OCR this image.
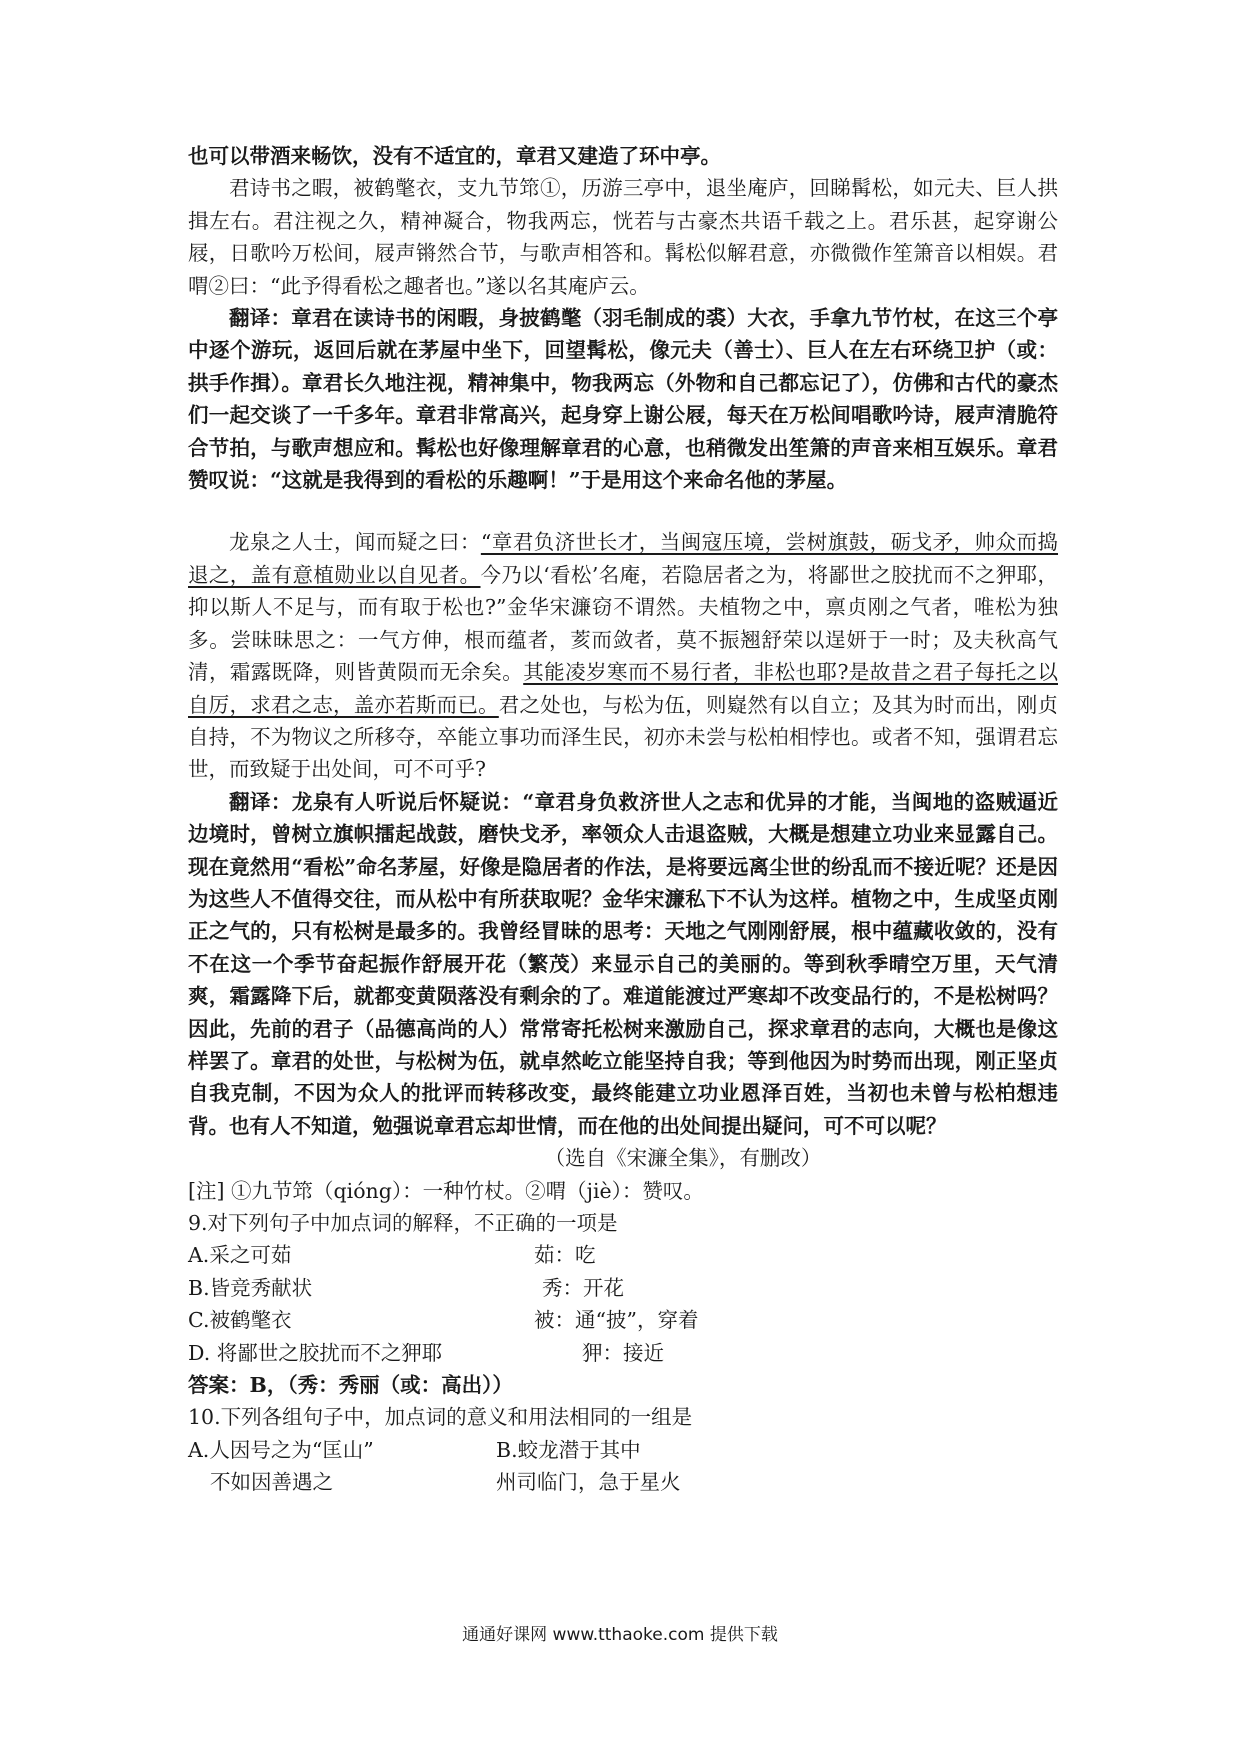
也可以带酒来畅饮，没有不适宜的，章君又建造了环中亭。

君诗书之暇，被鹤氅衣，支九节筇①，历游三亭中，退坐庵庐，回睇髯松，如元夫、巨人拱揖左右。君注视之久，精神凝合，物我两忘，恍若与古豪杰共语千载之上。君乐甚，起穿谢公屐，日歌吟万松间，屐声锵然合节，与歌声相答和。髯松似解君意，亦微微作笙箫音以相娱。君喟②曰：“此予得看松之趣者也。”遂以名其庵庐云。

翻译：章君在读诗书的闲暇，身披鹤氅（羽毛制成的裘）大衣，手拿九节竹杖，在这三个亭中逐个游玩，返回后就在茅屋中坐下，回望髯松，像元夫（善士）、巨人在左右环绕卫护（或：拱手作揖）。章君长久地注视，精神集中，物我两忘（外物和自己都忘记了），仿佛和古代的豪杰们一起交谈了一千多年。章君非常高兴，起身穿上谢公屐，每天在万松间唱歌吟诗，屐声清脆符合节拍，与歌声想应和。髯松也好像理解章君的心意，也稍微发出笙箫的声音来相互娱乐。章君赞叹说：“这就是我得到的看松的乐趣啊！”于是用这个来命名他的茅屋。

龙泉之人士，闻而疑之曰：“章君负济世长才，当闽寇压境，尝树旗鼓，砺戈矛，帅众而捣退之，盖有意植勋业以自见者。今乃以‘看松’名庵，若隐居者之为，将鄙世之胶扰而不之狎耶，抑以斯人不足与，而有取于松也?”金华宋濂窃不谓然。夫植物之中，禀贞刚之气者，唯松为独多。尝昧昧思之：一气方伸，根而蕴者，荄而敛者，莫不振翘舒荣以逞妍于一时；及夫秋高气清，霜露既降，则皆黄陨而无余矣。其能凌岁寒而不易行者，非松也耶?是故昔之君子每托之以自厉，求君之志，盖亦若斯而已。君之处也，与松为伍，则嶷然有以自立；及其为时而出，刚贞自持，不为物议之所移夺，卒能立事功而泽生民，初亦未尝与松柏相悖也。或者不知，强谓君忘世，而致疑于出处间，可不可乎?

翻译：龙泉有人听说后怀疑说：“章君身负救济世人之志和优异的才能，当闽地的盗贼逼近边境时，曾树立旗帜擂起战鼓，磨快戈矛，率领众人击退盗贼，大概是想建立功业来显露自己。现在竟然用“看松”命名茅屋，好像是隐居者的作法，是将要远离尘世的纷乱而不接近呢？还是因为这些人不值得交往，而从松中有所获取呢？金华宋濂私下不认为这样。植物之中，生成坚贞刚正之气的，只有松树是最多的。我曾经冒昧的思考：天地之气刚刚舒展，根中蕴藏收敛的，没有不在这一个季节奋起振作舒展开花（繁茂）来显示自己的美丽的。等到秋季晴空万里，天气清爽，霜露降下后，就都变黄陨落没有剩余的了。难道能渡过严寒却不改变品行的，不是松树吗？因此，先前的君子（品德高尚的人）常常寄托松树来激励自己，探求章君的志向，大概也是像这样罢了。章君的处世，与松树为伍，就卓然屹立能坚持自我；等到他因为时势而出现，刚正坚贞自我克制，不因为众人的批评而转移改变，最终能建立功业恩泽百姓，当初也未曾与松柏想违背。也有人不知道，勉强说章君忘却世情，而在他的出处间提出疑问，可不可以呢？

（选自《宋濂全集》，有删改）

[注] ①九节筇（qióng）：一种竹杖。②喟（jiè）：赞叹。

9.对下列句子中加点词的解释，不正确的一项是
A.采之可茹	茹：吃
B.皆竞秀献状	秀：开花
C.被鹤氅衣	被：通“披”，穿着
D. 将鄙世之胶扰而不之狎耶	狎：接近
答案：B，（秀：秀丽（或：高出））
10.下列各组句子中，加点词的意义和用法相同的一组是
A.人因号之为“匡山”	B.蛟龙潜于其中
不如因善遇之	州司临门，急于星火
通通好课网 www.tthaoke.com 提供下载
